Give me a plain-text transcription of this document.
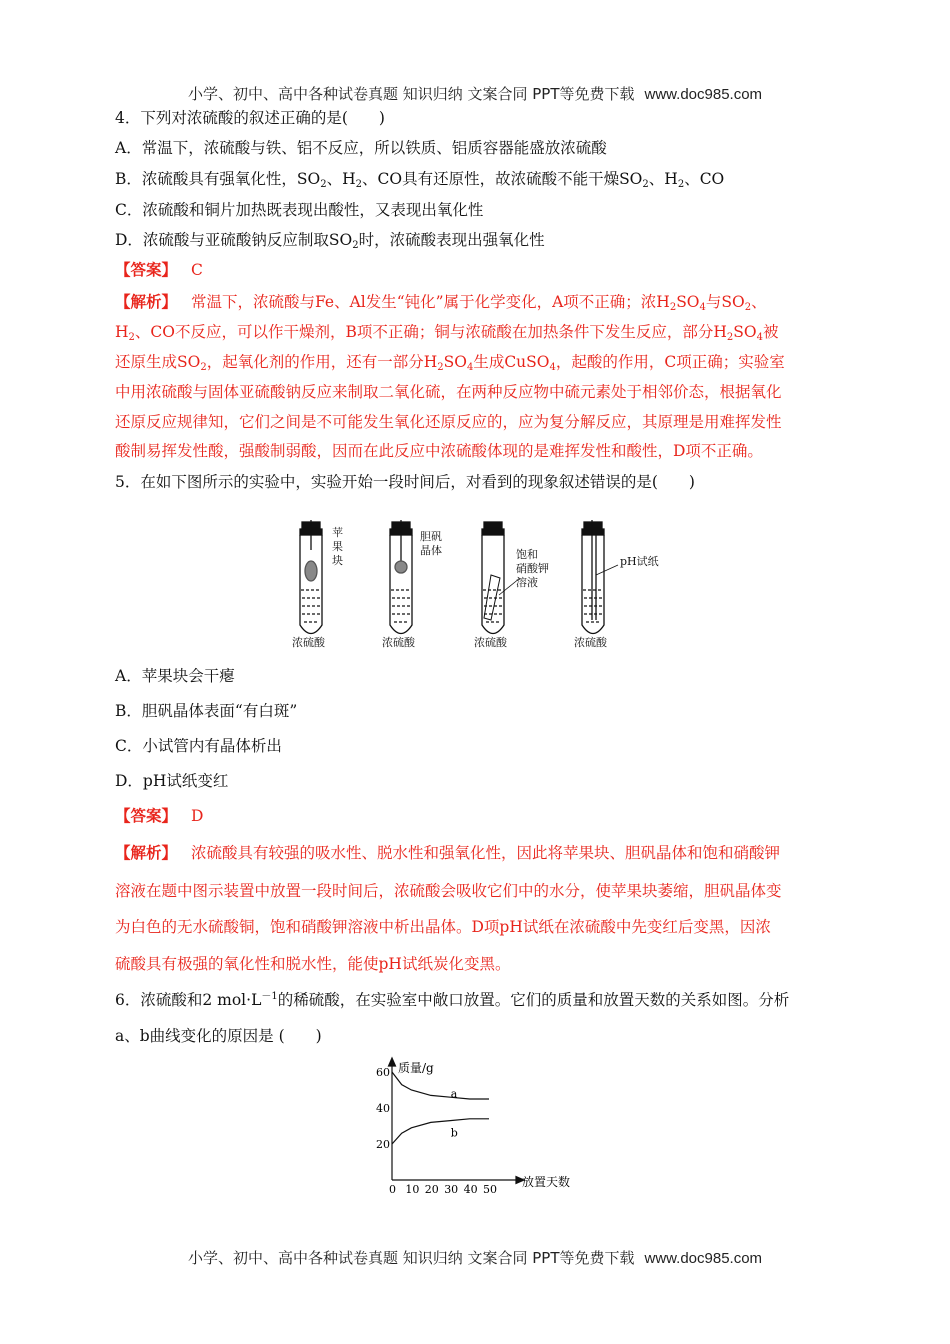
小学、初中、高中各种试卷真题 知识归纳 文案合同 PPT等免费下载 www.doc985.com
4．下列对浓硫酸的叙述正确的是(　　)
A．常温下，浓硫酸与铁、铝不反应，所以铁质、铝质容器能盛放浓硫酸
B．浓硫酸具有强氧化性，$SO_2$、$H_2$、CO具有还原性，故浓硫酸不能干燥$SO_2$、$H_2$、CO
C．浓硫酸和铜片加热既表现出酸性，又表现出氧化性
D．浓硫酸与亚硫酸钠反应制取$SO_2$时，浓硫酸表现出强氧化性
【答案】 C
【解析】 常温下，浓硫酸与Fe、Al发生“钝化”属于化学变化，A项不正确；浓$H_2SO_4$与$SO_2$、
$H_2$、CO不反应，可以作干燥剂，B项不正确；铜与浓硫酸在加热条件下发生反应，部分$H_2SO_4$被
还原生成$SO_2$，起氧化剂的作用，还有一部分$H_2SO_4$生成CuSO$_4$，起酸的作用，C项正确；实验室
中用浓硫酸与固体亚硫酸钠反应来制取二氧化硫，在两种反应物中硫元素处于相邻价态，根据氧化
还原反应规律知，它们之间是不可能发生氧化还原反应的，应为复分解反应，其原理是用难挥发性
酸制易挥发性酸，强酸制弱酸，因而在此反应中浓硫酸体现的是难挥发性和酸性，D项不正确。
5．在如下图所示的实验中，实验开始一段时间后，对看到的现象叙述错误的是(　　)
苹
果
块
胆矾
晶体	饱和
硝酸钾
溶液
pH试纸
浓硫酸	浓硫酸	浓硫酸	浓硫酸
A．苹果块会干瘪
B．胆矾晶体表面“有白斑”
C．小试管内有晶体析出
D．pH试纸变红
【答案】 D
【解析】 浓硫酸具有较强的吸水性、脱水性和强氧化性，因此将苹果块、胆矾晶体和饱和硝酸钾
溶液在题中图示装置中放置一段时间后，浓硫酸会吸收它们中的水分，使苹果块萎缩，胆矾晶体变
为白色的无水硫酸铜，饱和硝酸钾溶液中析出晶体。D项pH试纸在浓硫酸中先变红后变黑，因浓
硫酸具有极强的氧化性和脱水性，能使pH试纸炭化变黑。
6．浓硫酸和2 $mol\cdot L^{-1}$的稀硫酸，在实验室中敞口放置。它们的质量和放置天数的关系如图。分析
a、b曲线变化的原因是 (　　)
0 10 20 30 40 50
20
40
60
a
b
质量/g
放置天数
小学、初中、高中各种试卷真题 知识归纳 文案合同 PPT等免费下载 www.doc985.com
